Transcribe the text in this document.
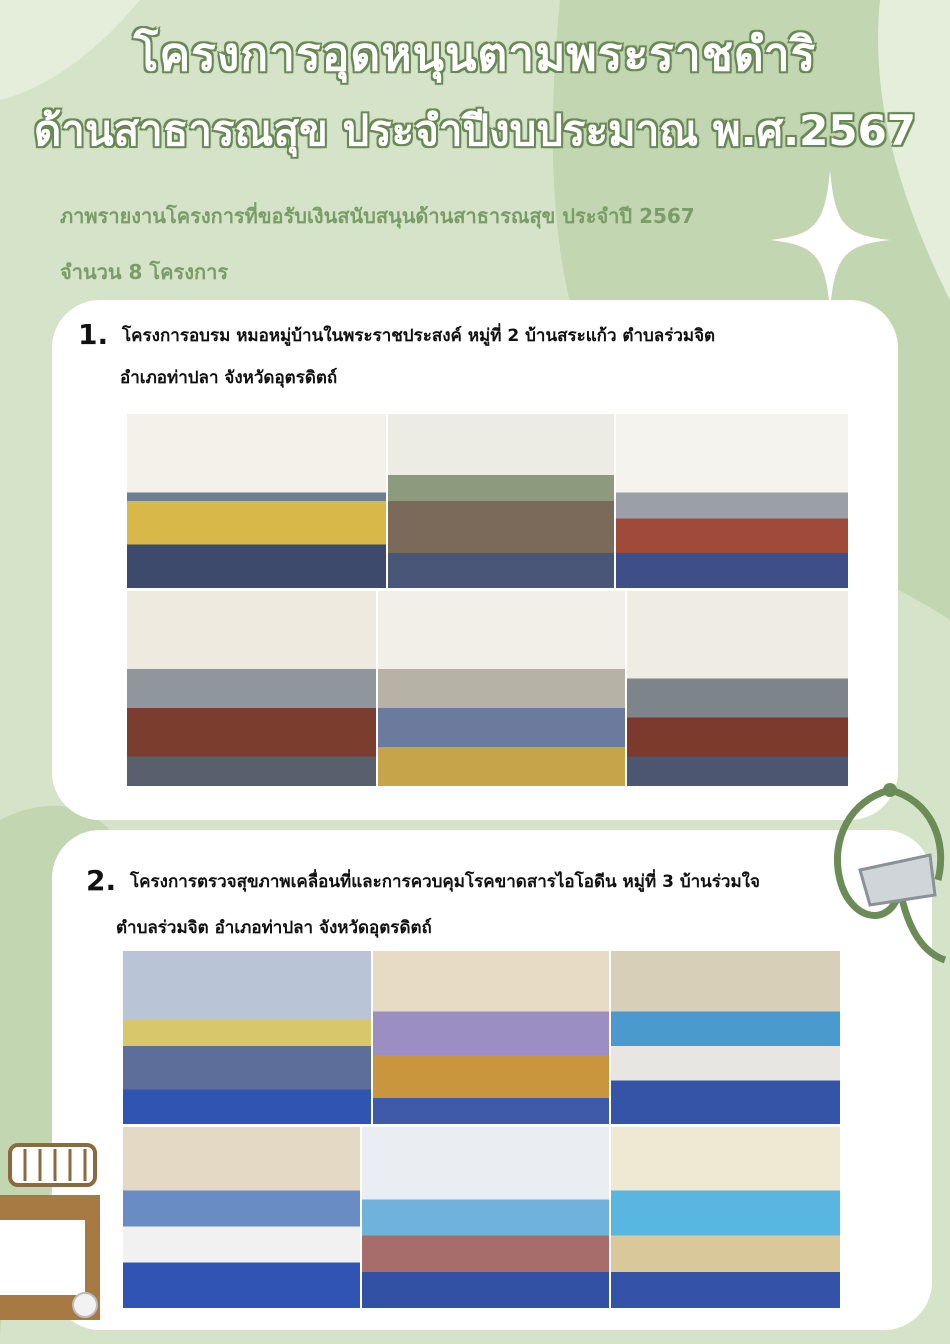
โครงการอุดหนุนตามพระราชดำริ
ด้านสาธารณสุข ประจำปีงบประมาณ พ.ศ.2567
ภาพรายงานโครงการที่ขอรับเงินสนับสนุนด้านสาธารณสุข ประจำปี 2567
จำนวน 8 โครงการ
1. โครงการอบรม หมอหมู่บ้านในพระราชประสงค์ หมู่ที่ 2 บ้านสระแก้ว ตำบลร่วมจิต
อำเภอท่าปลา จังหวัดอุตรดิตถ์
2. โครงการตรวจสุขภาพเคลื่อนที่และการควบคุมโรคขาดสารไอโอดีน หมู่ที่ 3 บ้านร่วมใจ
ตำบลร่วมจิต อำเภอท่าปลา จังหวัดอุตรดิตถ์
